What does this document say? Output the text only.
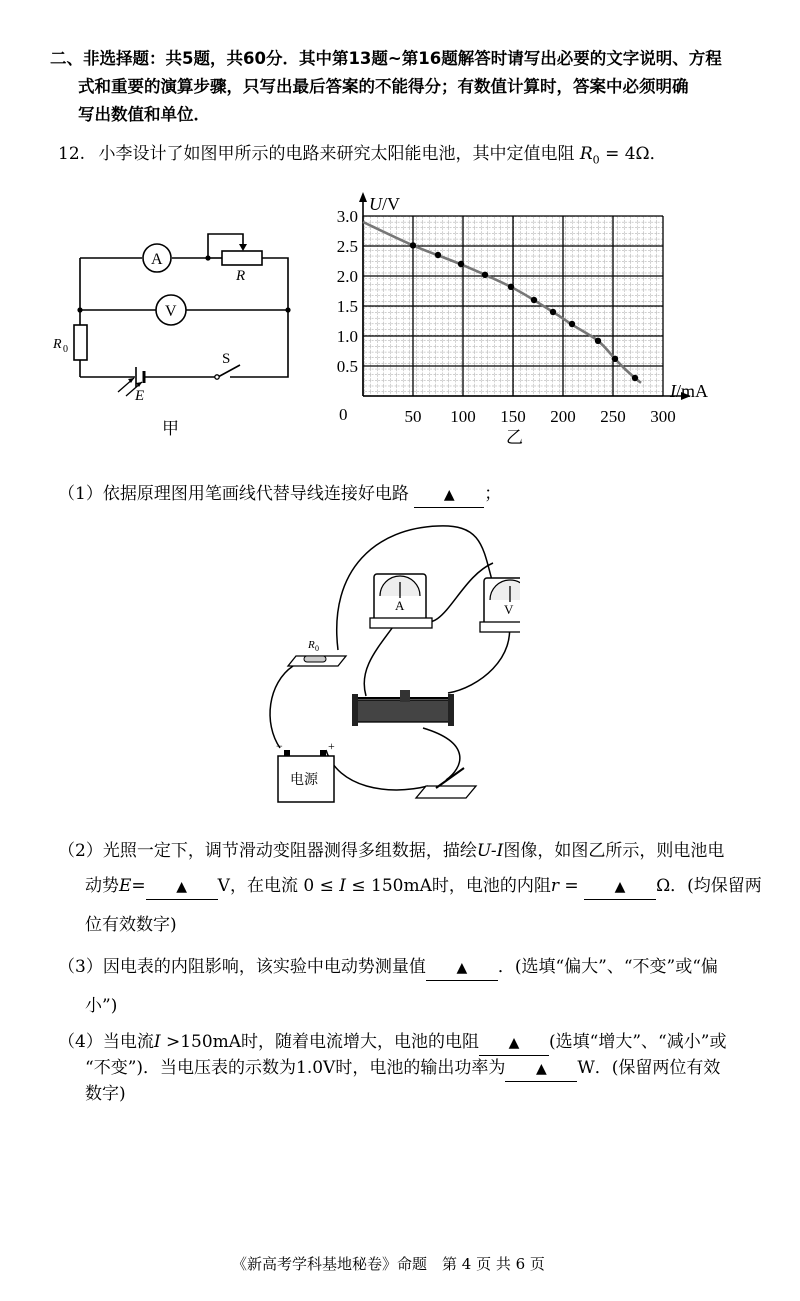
二、非选择题：共5题，共60分．其中第13题~第16题解答时请写出必要的文字说明、方程
式和重要的演算步骤，只写出最后答案的不能得分；有数值计算时，答案中必须明确
写出数值和单位．
12. 小李设计了如图甲所示的电路来研究太阳能电池，其中定值电阻 $R_0 = 4\Omega$．
A
R
V
R 0
E
S
甲
50 100 150 200 250 300
0.5
1.0
1.5
2.0
2.5
3.0
U/V
I/mA
0
乙
（1）依据原理图用笔画线代替导线连接好电路	▲ ；
A	V
R 0
−	+
电源
（2）光照一定下，调节滑动变阻器测得多组数据，描绘U-I图像，如图乙所示，则电池电
动势E= ▲ V，在电流 0 ≤ I ≤ 150mA时，电池的内阻r = ▲ Ω．(均保留两
位有效数字)
（3）因电表的内阻影响，该实验中电动势测量值 ▲ ．(选填“偏大”、“不变”或“偏
小”)
（4）当电流I >150mA时，随着电流增大，电池的电阻 ▲ (选填“增大”、“减小”或
“不变”)．当电压表的示数为1.0V时，电池的输出功率为 ▲ W．(保留两位有效
数字)
《新高考学科基地秘卷》命题　第 4 页 共 6 页
